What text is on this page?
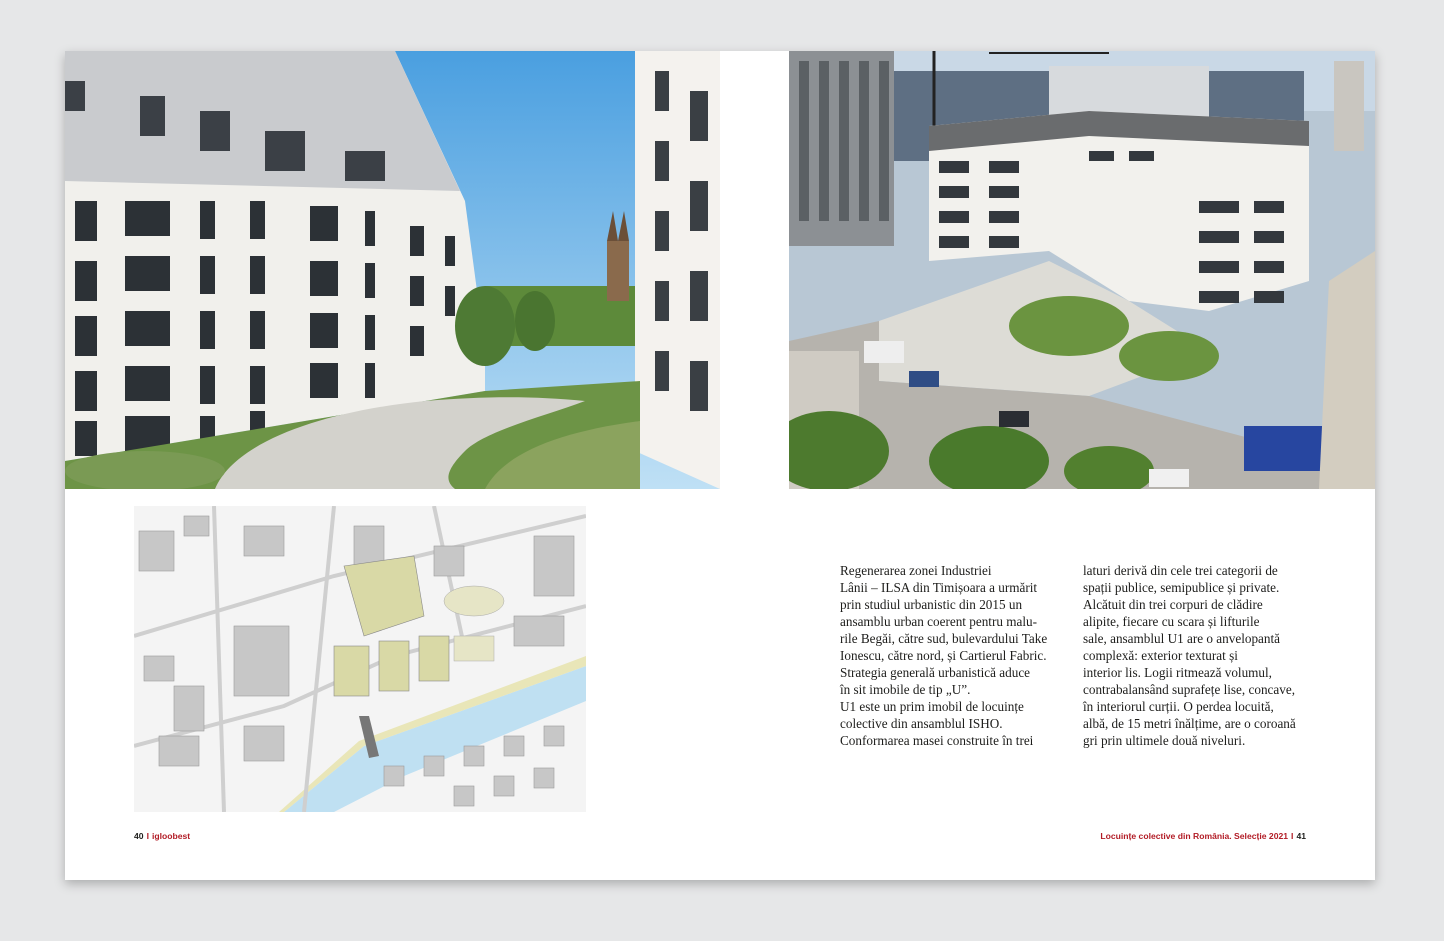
Regenerarea zonei Industriei
Lânii – ILSA din Timișoara a urmărit
prin studiul urbanistic din 2015 un
ansamblu urban coerent pentru malu-
rile Begăi, către sud, bulevardului Take
Ionescu, către nord, și Cartierul Fabric.
Strategia generală urbanistică aduce
în sit imobile de tip „U”.
U1 este un prim imobil de locuințe
colective din ansamblul ISHO.
Conformarea masei construite în trei

laturi derivă din cele trei categorii de
spații publice, semipublice și private.
Alcătuit din trei corpuri de clădire
alipite, fiecare cu scara și lifturile
sale, ansamblul U1 are o anvelopantă
complexă: exterior texturat și
interior lis. Logii ritmează volumul,
contrabalansând suprafețe lise, concave,
în interiorul curții. O perdea locuită,
albă, de 15 metri înălțime, are o coroană
gri prin ultimele două niveluri.

40 I igloobest	Locuințe colective din România. Selecție 2021 I 41
